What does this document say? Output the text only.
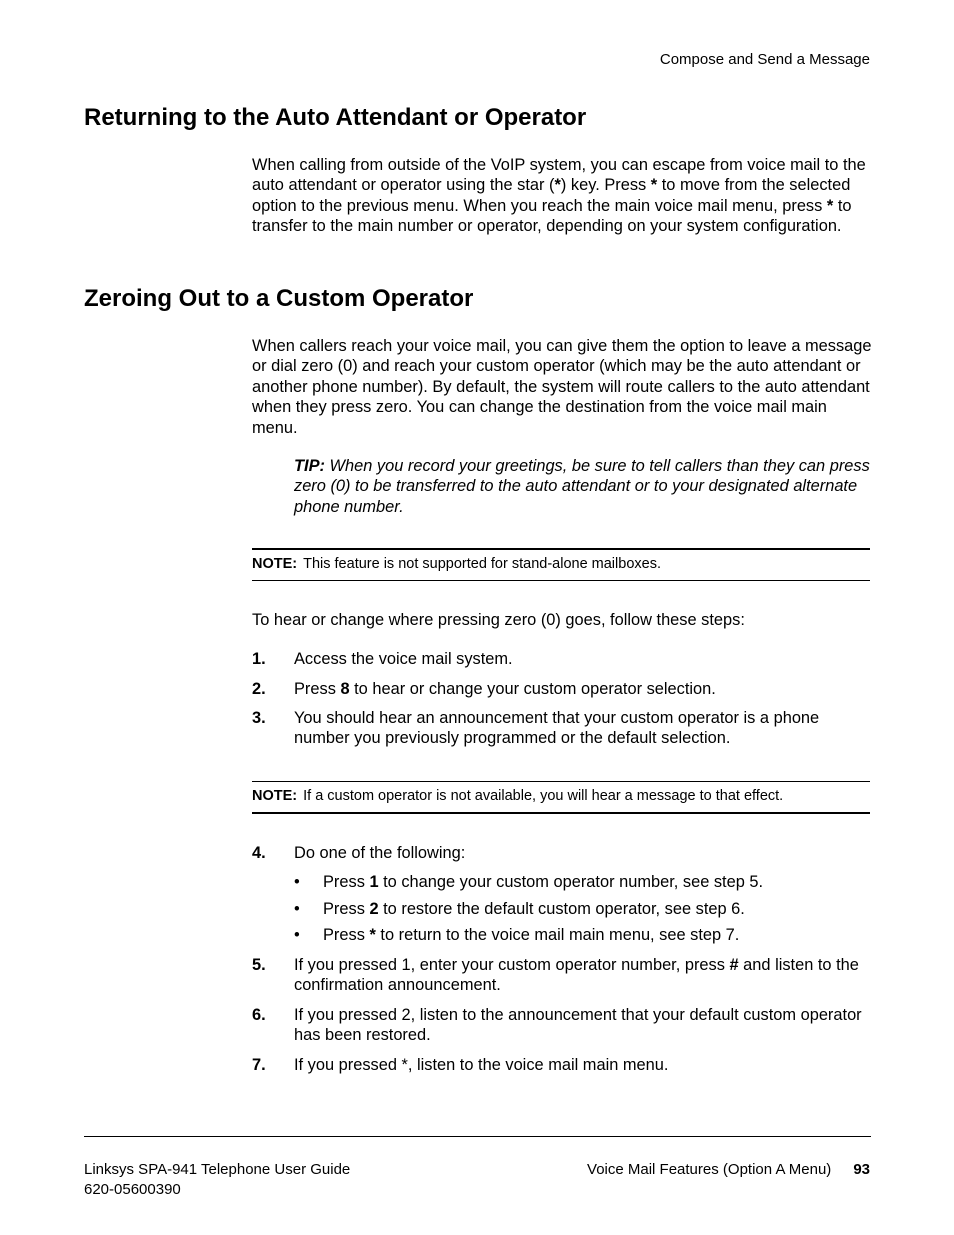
Compose and Send a Message
Returning to the Auto Attendant or Operator
When calling from outside of the VoIP system, you can escape from voice mail to the auto attendant or operator using the star (*) key. Press * to move from the selected option to the previous menu. When you reach the main voice mail menu, press * to transfer to the main number or operator, depending on your system configuration.
Zeroing Out to a Custom Operator
When callers reach your voice mail, you can give them the option to leave a message or dial zero (0) and reach your custom operator (which may be the auto attendant or another phone number). By default, the system will route callers to the auto attendant when they press zero. You can change the destination from the voice mail main menu.
TIP: When you record your greetings, be sure to tell callers than they can press zero (0) to be transferred to the auto attendant or to your designated alternate phone number.
NOTE: This feature is not supported for stand-alone mailboxes.
To hear or change where pressing zero (0) goes, follow these steps:
1. Access the voice mail system.
2. Press 8 to hear or change your custom operator selection.
3. You should hear an announcement that your custom operator is a phone number you previously programmed or the default selection.
NOTE: If a custom operator is not available, you will hear a message to that effect.
4. Do one of the following:
• Press 1 to change your custom operator number, see step 5.
• Press 2 to restore the default custom operator, see step 6.
• Press * to return to the voice mail main menu, see step 7.
5. If you pressed 1, enter your custom operator number, press # and listen to the confirmation announcement.
6. If you pressed 2, listen to the announcement that your default custom operator has been restored.
7. If you pressed *, listen to the voice mail main menu.
Linksys SPA-941 Telephone User Guide
620-05600390
Voice Mail Features (Option A Menu) 93
